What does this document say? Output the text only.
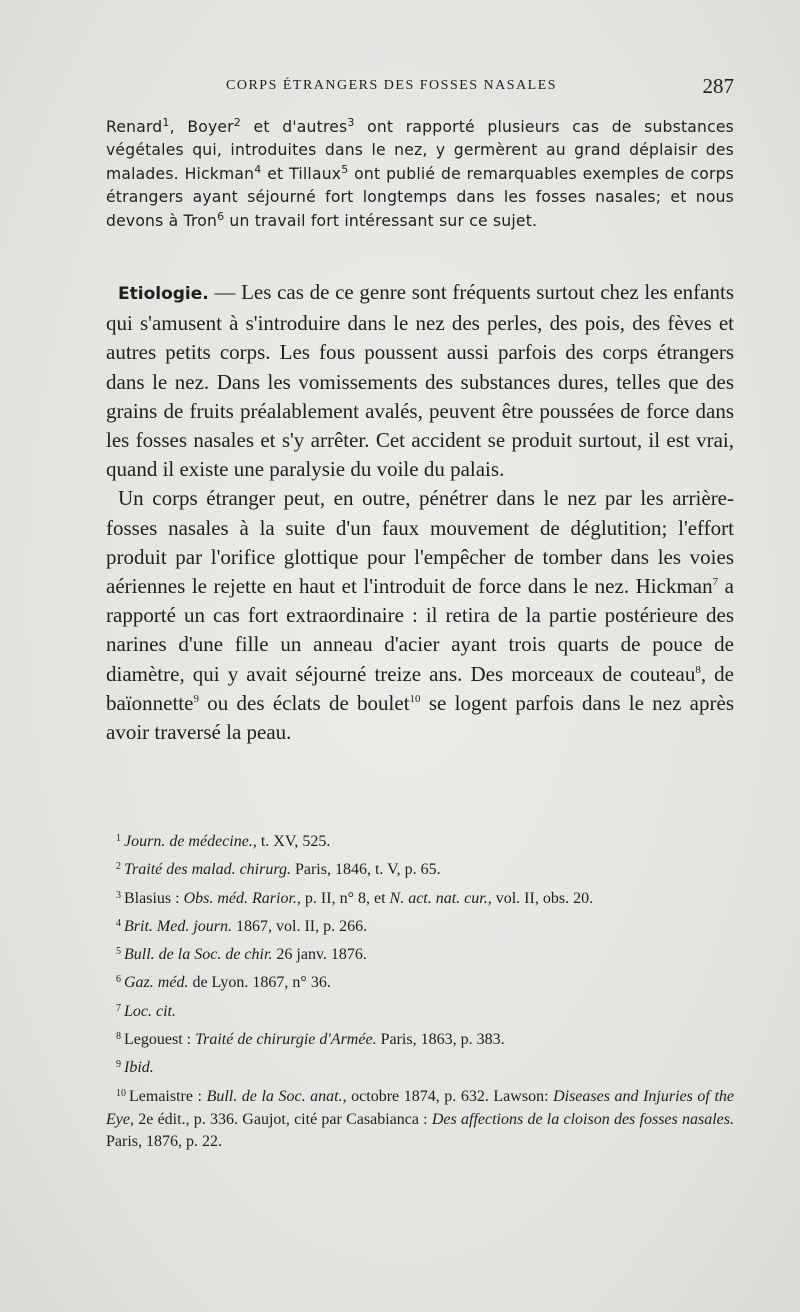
CORPS ÉTRANGERS DES FOSSES NASALES	287

Renard$^1$, Boyer$^2$ et d'autres$^3$ ont rapporté plusieurs cas de substances végétales qui, introduites dans le nez, y germèrent au grand déplaisir des malades. Hickman$^4$ et Tillaux$^5$ ont publié de remarquables exemples de corps étrangers ayant séjourné fort longtemps dans les fosses nasales; et nous devons à Tron$^6$ un travail fort intéressant sur ce sujet.

Etiologie. — Les cas de ce genre sont fréquents surtout chez les enfants qui s'amusent à s'introduire dans le nez des perles, des pois, des fèves et autres petits corps. Les fous poussent aussi parfois des corps étrangers dans le nez. Dans les vomissements des substances dures, telles que des grains de fruits préalablement avalés, peuvent être poussées de force dans les fosses nasales et s'y arrêter. Cet accident se produit surtout, il est vrai, quand il existe une paralysie du voile du palais.

Un corps étranger peut, en outre, pénétrer dans le nez par les arrière-fosses nasales à la suite d'un faux mouvement de déglutition; l'effort produit par l'orifice glottique pour l'empêcher de tomber dans les voies aériennes le rejette en haut et l'introduit de force dans le nez. Hickman$^7$ a rapporté un cas fort extraordinaire : il retira de la partie postérieure des narines d'une fille un anneau d'acier ayant trois quarts de pouce de diamètre, qui y avait séjourné treize ans. Des morceaux de couteau$^8$, de baïonnette$^9$ ou des éclats de boulet$^{10}$ se logent parfois dans le nez après avoir traversé la peau.

$^1$ Journ. de médecine., t. XV, 525.

$^2$ Traité des malad. chirurg. Paris, 1846, t. V, p. 65.

$^3$ Blasius : Obs. méd. Rarior., p. II, n° 8, et N. act. nat. cur., vol. II, obs. 20.

$^4$ Brit. Med. journ. 1867, vol. II, p. 266.

$^5$ Bull. de la Soc. de chir. 26 janv. 1876.

$^6$ Gaz. méd. de Lyon. 1867, n° 36.

$^7$ Loc. cit.

$^8$ Legouest : Traité de chirurgie d'Armée. Paris, 1863, p. 383.

$^9$ Ibid.

$^{10}$ Lemaistre : Bull. de la Soc. anat., octobre 1874, p. 632. Lawson: Diseases and Injuries of the Eye, 2e édit., p. 336. Gaujot, cité par Casabianca : Des affections de la cloison des fosses nasales. Paris, 1876, p. 22.
